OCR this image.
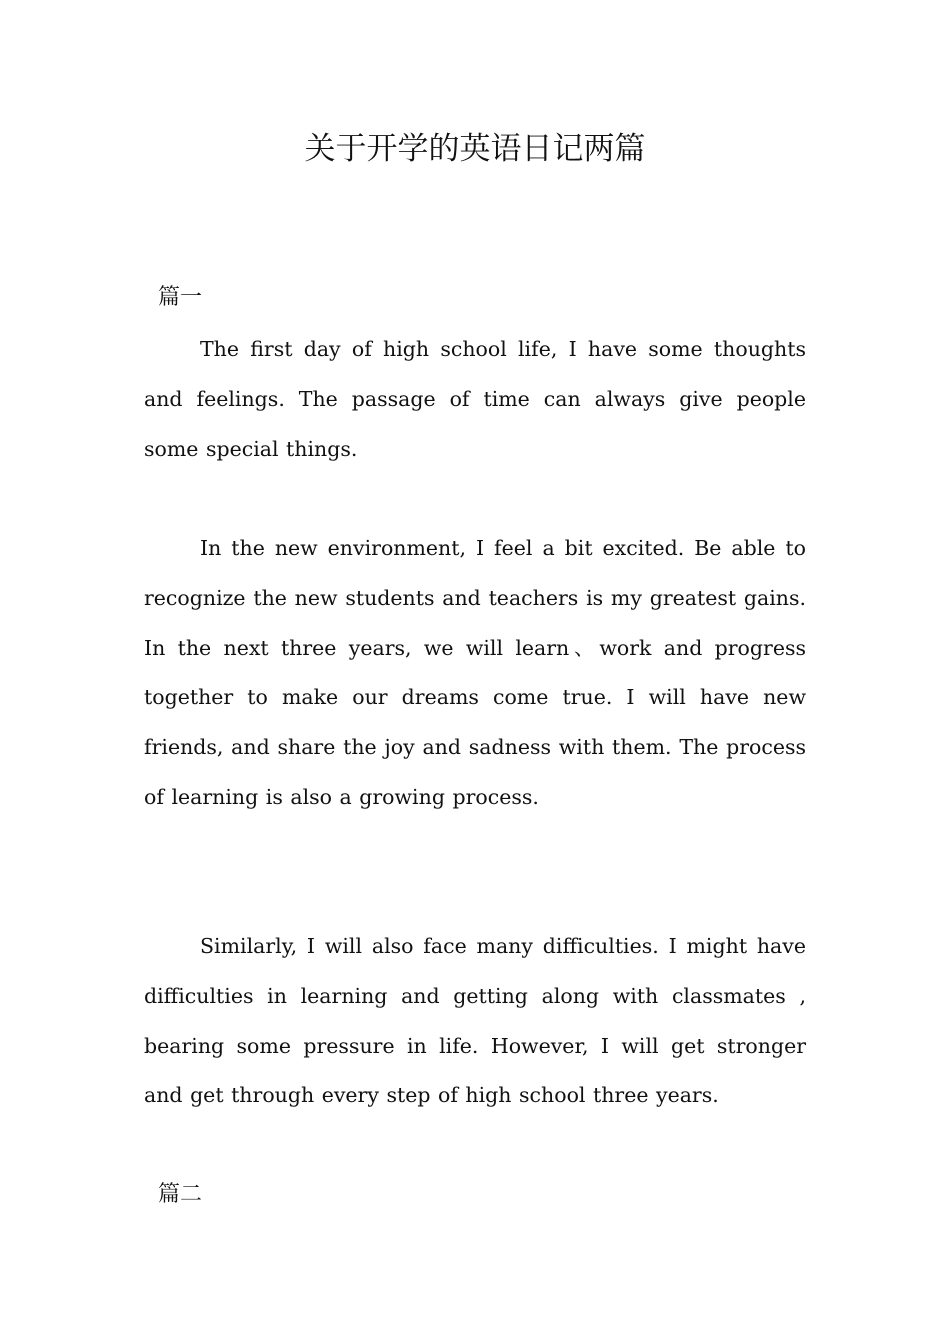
关于开学的英语日记两篇
篇一

The first day of high school life, I have some thoughts and feelings. The passage of time can always give people some special things.

In the new environment, I feel a bit excited. Be able to recognize the new students and teachers is my greatest gains. In the next three years, we will learn、work and progress together to make our dreams come true. I will have new friends, and share the joy and sadness with them. The process of learning is also a growing process.

Similarly, I will also face many difficulties. I might have difficulties in learning and getting along with classmates , bearing some pressure in life. However, I will get stronger and get through every step of high school three years.

篇二
